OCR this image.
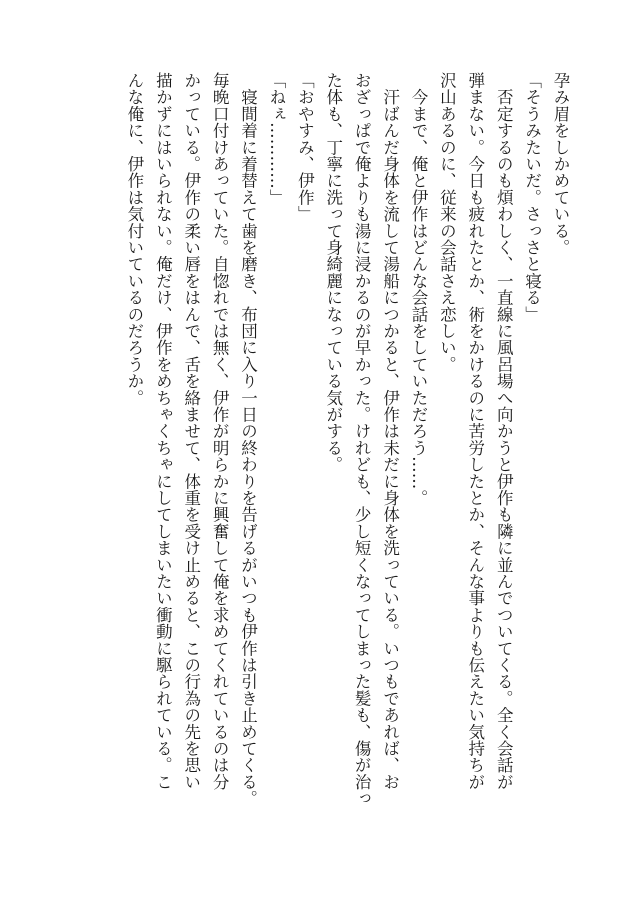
孕み眉をしかめている。
「そうみたいだ。さっさと寝る」
　否定するのも煩わしく、一直線に風呂場へ向かうと伊作も隣に並んでついてくる。全く会話が
弾まない。今日も疲れたとか、術をかけるのに苦労したとか、そんな事よりも伝えたい気持ちが
沢山あるのに、従来の会話さえ恋しい。
　今まで、俺と伊作はどんな会話をしていただろう……。
　汗ばんだ身体を流して湯船につかると、伊作は未だに身体を洗っている。いつもであれば、お
おざっぱで俺よりも湯に浸かるのが早かった。けれども、少し短くなってしまった髪も、傷が治っ
た体も、丁寧に洗って身綺麗になっている気がする。
「おやすみ、伊作」
「ねぇ…………」
　寝間着に着替えて歯を磨き、布団に入り一日の終わりを告げるがいつも伊作は引き止めてくる。
毎晩口付けあっていた。自惚れでは無く、伊作が明らかに興奮して俺を求めてくれているのは分
かっている。伊作の柔い唇をはんで、舌を絡ませて、体重を受け止めると、この行為の先を思い
描かずにはいられない。俺だけ、伊作をめちゃくちゃにしてしまいたい衝動に駆られている。こ
んな俺に、伊作は気付いているのだろうか。
